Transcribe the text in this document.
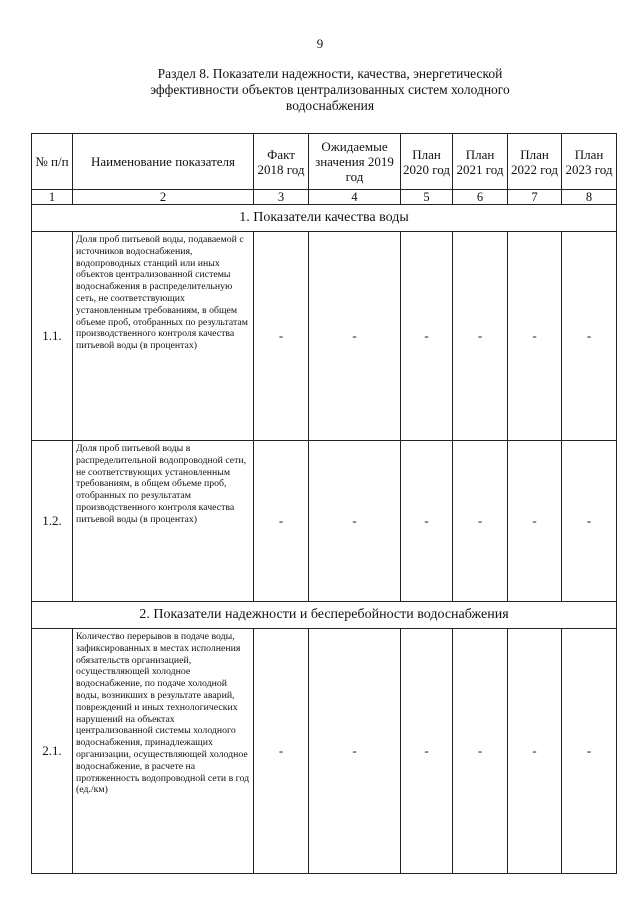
9
Раздел 8. Показатели надежности, качества, энергетической
эффективности объектов централизованных систем холодного
водоснабжения
№ п/п	Наименование показателя	Факт 2018 год	Ожидаемые значения 2019 год	План 2020 год	План 2021 год	План 2022 год	План 2023 год
1	2	3	4	5	6	7	8
1. Показатели качества воды							
1.1.	Доля проб питьевой воды, подаваемой с источников водоснабжения, водопроводных станций или иных объектов централизованной системы водоснабжения в распределительную сеть, не соответствующих установленным требованиям, в общем объеме проб, отобранных по результатам производственного контроля качества питьевой воды (в процентах)	-	-	-	-	-	-
1.2.	Доля проб питьевой воды в распределительной водопроводной сети, не соответствующих установленным требованиям, в общем объеме проб, отобранных по результатам производственного контроля качества питьевой воды (в процентах)	-	-	-	-	-	-
2. Показатели надежности и бесперебойности водоснабжения							
2.1.	Количество перерывов в подаче воды, зафиксированных в местах исполнения обязательств организацией, осуществляющей холодное водоснабжение, по подаче холодной воды, возникших в результате аварий, повреждений и иных технологических нарушений на объектах централизованной системы холодного водоснабжения, принадлежащих организации, осуществляющей холодное водоснабжение, в расчете на протяженность водопроводной сети в год (ед./км)	-	-	-	-	-	-
